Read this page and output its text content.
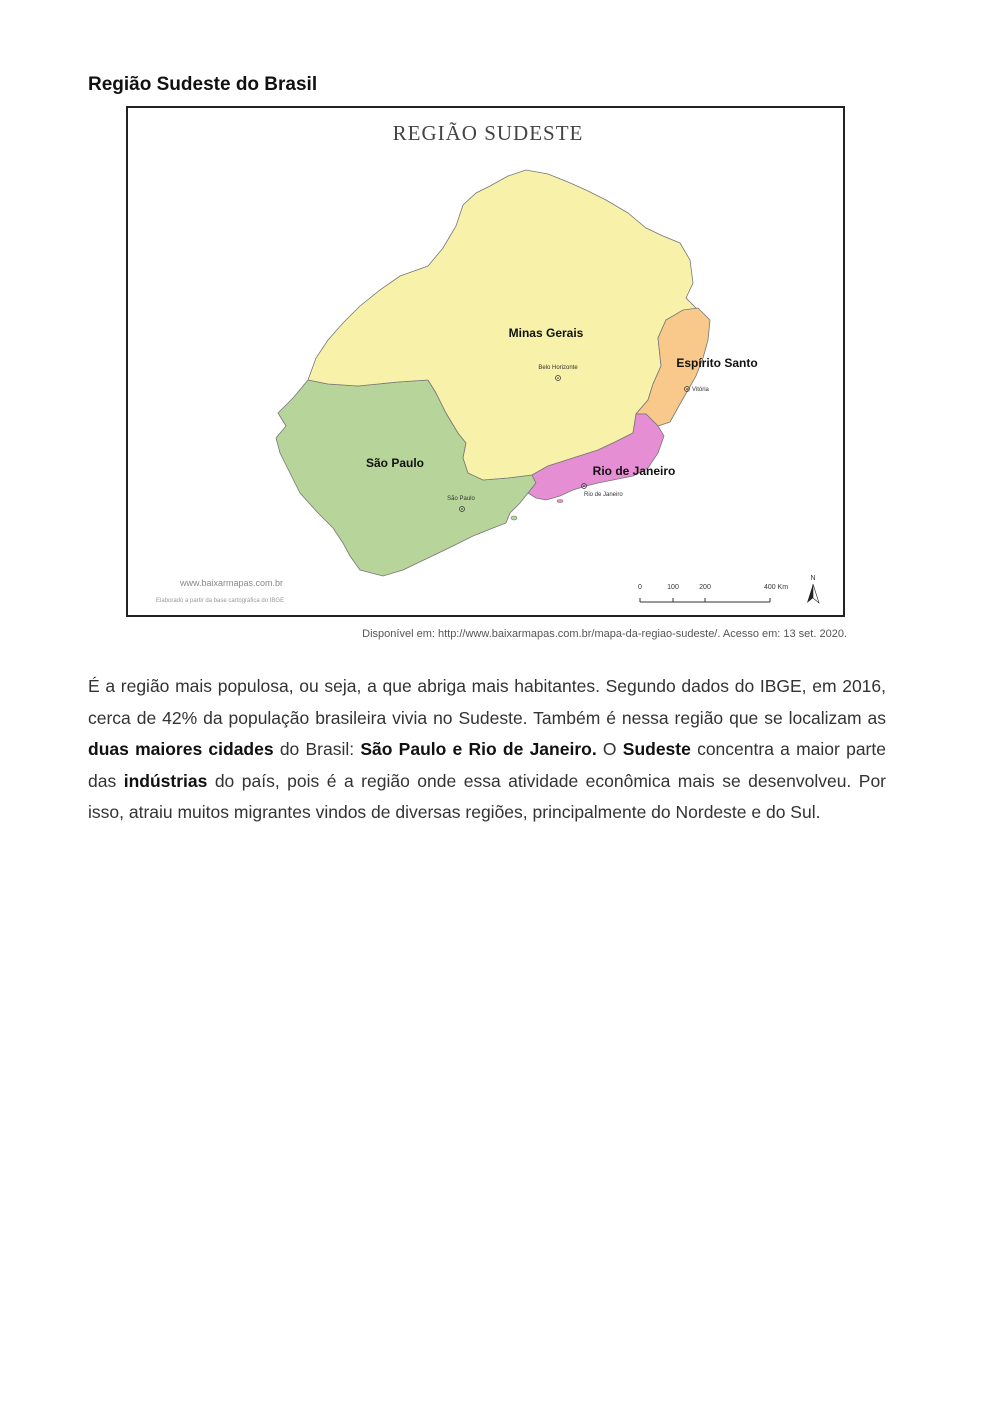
Região Sudeste do Brasil
REGIÃO SUDESTE
Minas Gerais
São Paulo
Rio de Janeiro
Espírito Santo
Belo Horizonte
São Paulo
Rio de Janeiro
Vitória
www.baixarmapas.com.br
Elaborado a partir da base cartográfica do IBGE
0	100	200	400 Km
N

Disponível em: http://www.baixarmapas.com.br/mapa-da-regiao-sudeste/. Acesso em: 13 set. 2020.

É a região mais populosa, ou seja, a que abriga mais habitantes. Segundo dados do IBGE, em 2016, cerca de 42% da população brasileira vivia no Sudeste. Também é nessa região que se localizam as duas maiores cidades do Brasil: São Paulo e Rio de Janeiro. O Sudeste concentra a maior parte das indústrias do país, pois é a região onde essa atividade econômica mais se desenvolveu. Por isso, atraiu muitos migrantes vindos de diversas regiões, principalmente do Nordeste e do Sul.
